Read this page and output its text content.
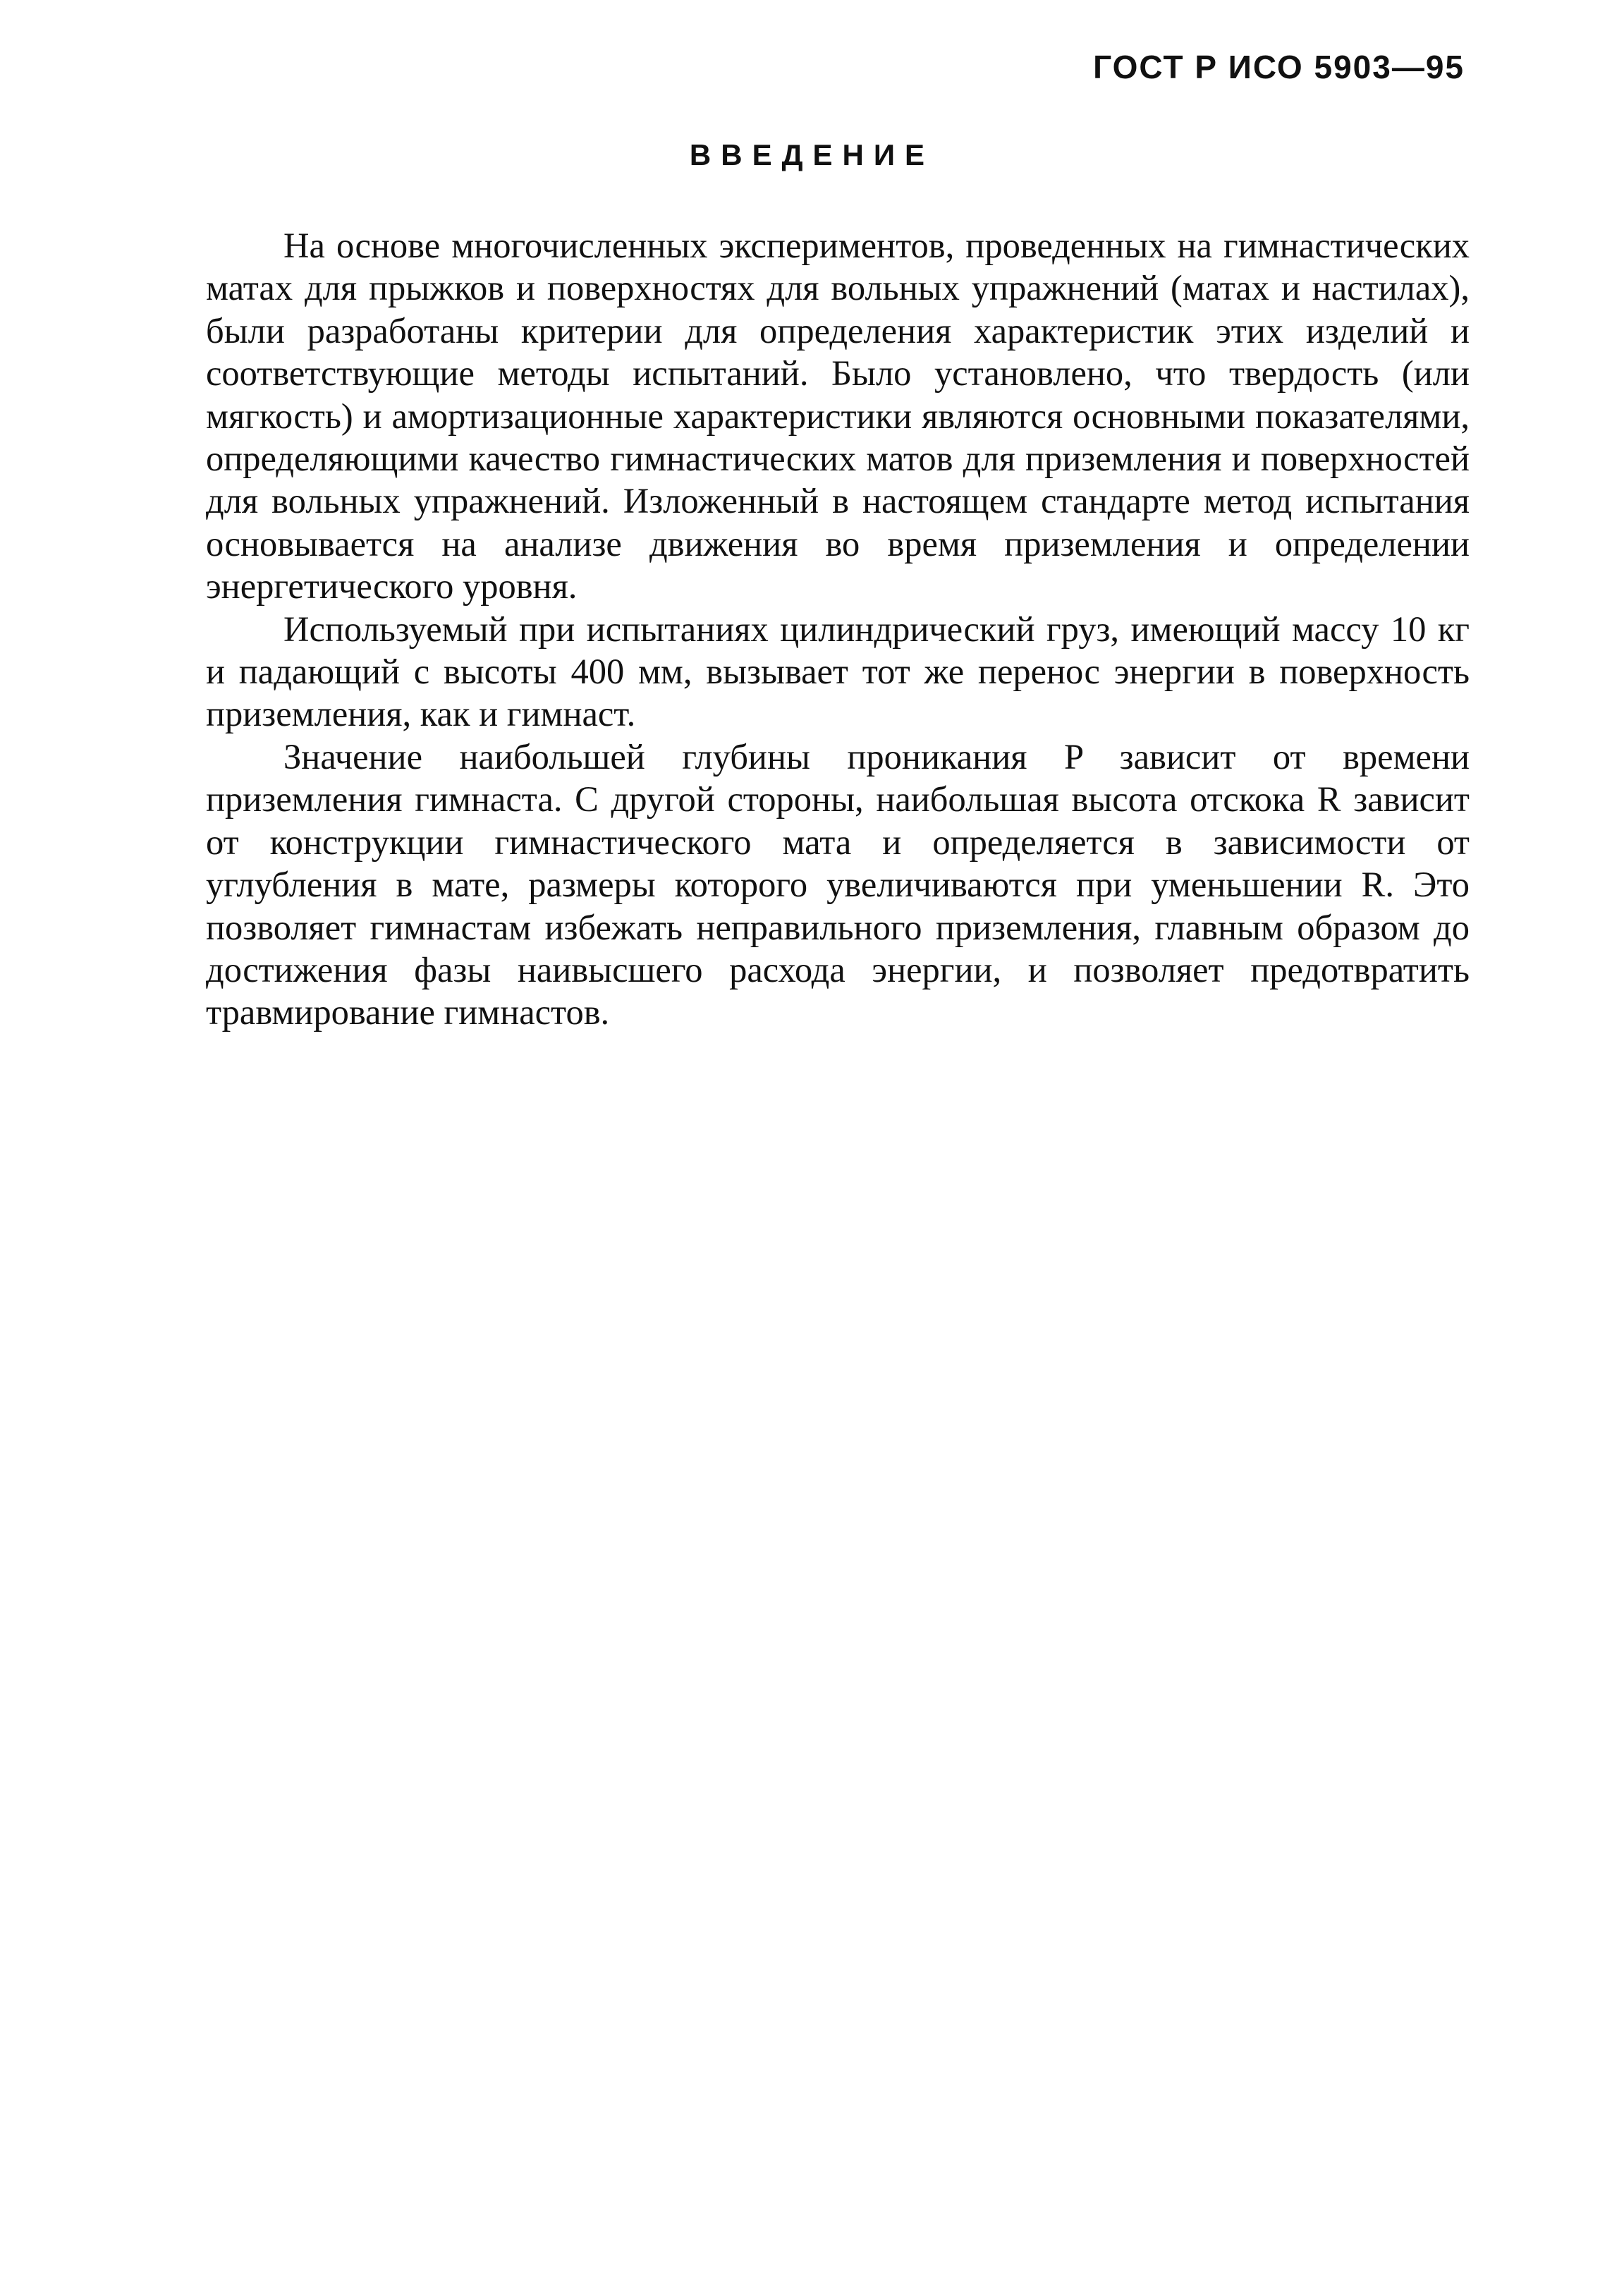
ГОСТ Р ИСО 5903—95
ВВЕДЕНИЕ

На основе многочисленных экспериментов, проведенных на гимнастических матах для прыжков и поверхностях для вольных упражнений (матах и настилах), были разработаны критерии для определения характеристик этих изделий и соответствующие методы испытаний. Было установлено, что твердость (или мягкость) и амортизационные характеристики являются основными показателями, определяющими качество гимнастических матов для приземления и поверхностей для вольных упражнений. Изложенный в настоящем стандарте метод испытания основывается на анализе движения во время приземления и определении энергетического уровня.

Используемый при испытаниях цилиндрический груз, имеющий массу 10 кг и падающий с высоты 400 мм, вызывает тот же перенос энергии в поверхность приземления, как и гимнаст.

Значение наибольшей глубины проникания P зависит от времени приземления гимнаста. С другой стороны, наибольшая высота отскока R зависит от конструкции гимнастического мата и определяется в зависимости от углубления в мате, размеры которого увеличиваются при уменьшении R. Это позволяет гимнастам избежать неправильного приземления, главным образом до достижения фазы наивысшего расхода энергии, и позволяет предотвратить травмирование гимнастов.
